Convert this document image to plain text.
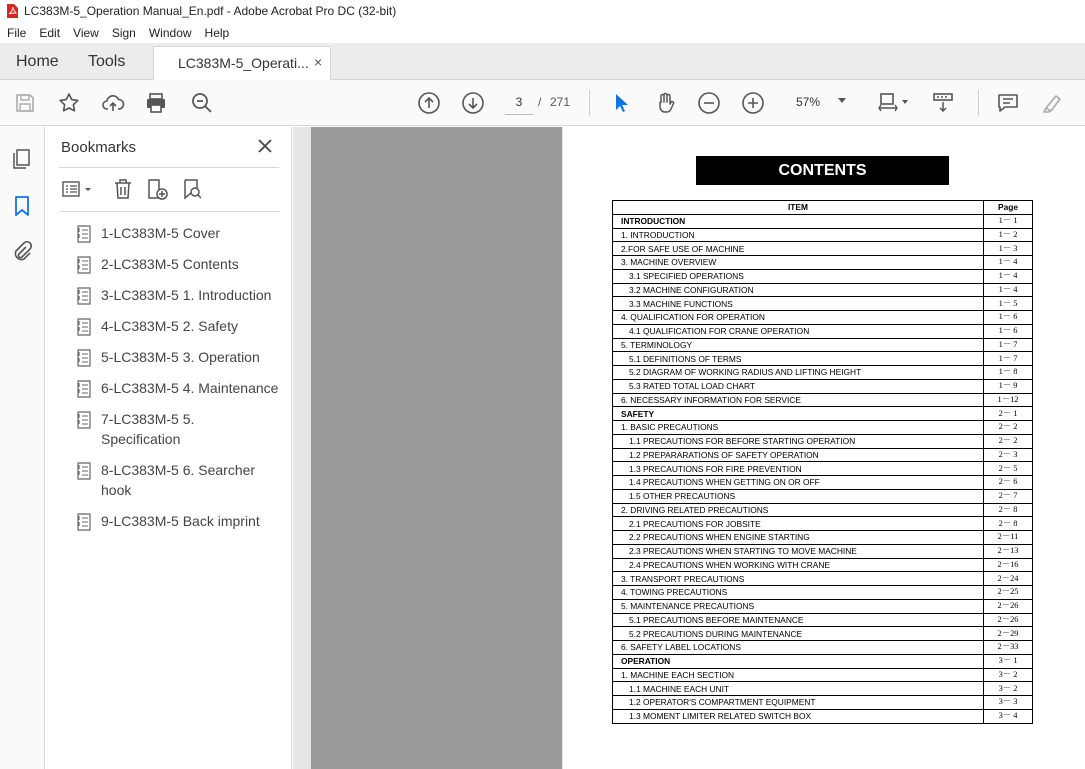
LC383M-5_Operation Manual_En.pdf - Adobe Acrobat Pro DC (32-bit)
File	Edit	View	Sign	Window	Help
Home Tools	LC383M-5_Operati... ×
3
/ 271	57%
Bookmarks
1-LC383M-5 Cover
2-LC383M-5 Contents
3-LC383M-5 1. Introduction
4-LC383M-5 2. Safety
5-LC383M-5 3. Operation
6-LC383M-5 4. Maintenance
7-LC383M-5 5. Specification
8-LC383M-5 6. Searcher hook
9-LC383M-5 Back imprint
CONTENTS
ITEM	Page
INTRODUCTION	1－ 1
1. INTRODUCTION	1－ 2
2.FOR SAFE USE OF MACHINE	1－ 3
3. MACHINE OVERVIEW	1－ 4
3.1 SPECIFIED OPERATIONS	1－ 4
3.2 MACHINE CONFIGURATION	1－ 4
3.3 MACHINE FUNCTIONS	1－ 5
4. QUALIFICATION FOR OPERATION	1－ 6
4.1 QUALIFICATION FOR CRANE OPERATION	1－ 6
5. TERMINOLOGY	1－ 7
5.1 DEFINITIONS OF TERMS	1－ 7
5.2 DIAGRAM OF WORKING RADIUS AND LIFTING HEIGHT	1－ 8
5.3 RATED TOTAL LOAD CHART	1－ 9
6. NECESSARY INFORMATION FOR SERVICE	1－12
SAFETY	2－ 1
1. BASIC PRECAUTIONS	2－ 2
1.1 PRECAUTIONS FOR BEFORE STARTING OPERATION	2－ 2
1.2 PREPARARATIONS OF SAFETY OPERATION	2－ 3
1.3 PRECAUTIONS FOR FIRE PREVENTION	2－ 5
1.4 PRECAUTIONS WHEN GETTING ON OR OFF	2－ 6
1.5 OTHER PRECAUTIONS	2－ 7
2. DRIVING RELATED PRECAUTIONS	2－ 8
2.1 PRECAUTIONS FOR JOBSITE	2－ 8
2.2 PRECAUTIONS WHEN ENGINE STARTING	2－11
2.3 PRECAUTIONS WHEN STARTING TO MOVE MACHINE	2－13
2.4 PRECAUTIONS WHEN WORKING WITH CRANE	2－16
3. TRANSPORT PRECAUTIONS	2－24
4. TOWING PRECAUTIONS	2－25
5. MAINTENANCE PRECAUTIONS	2－26
5.1 PRECAUTIONS BEFORE MAINTENANCE	2－26
5.2 PRECAUTIONS DURING MAINTENANCE	2－29
6. SAFETY LABEL LOCATIONS	2－33
OPERATION	3－ 1
1. MACHINE EACH SECTION	3－ 2
1.1 MACHINE EACH UNIT	3－ 2
1.2 OPERATOR'S COMPARTMENT EQUIPMENT	3－ 3
1.3 MOMENT LIMITER RELATED SWITCH BOX	3－ 4
